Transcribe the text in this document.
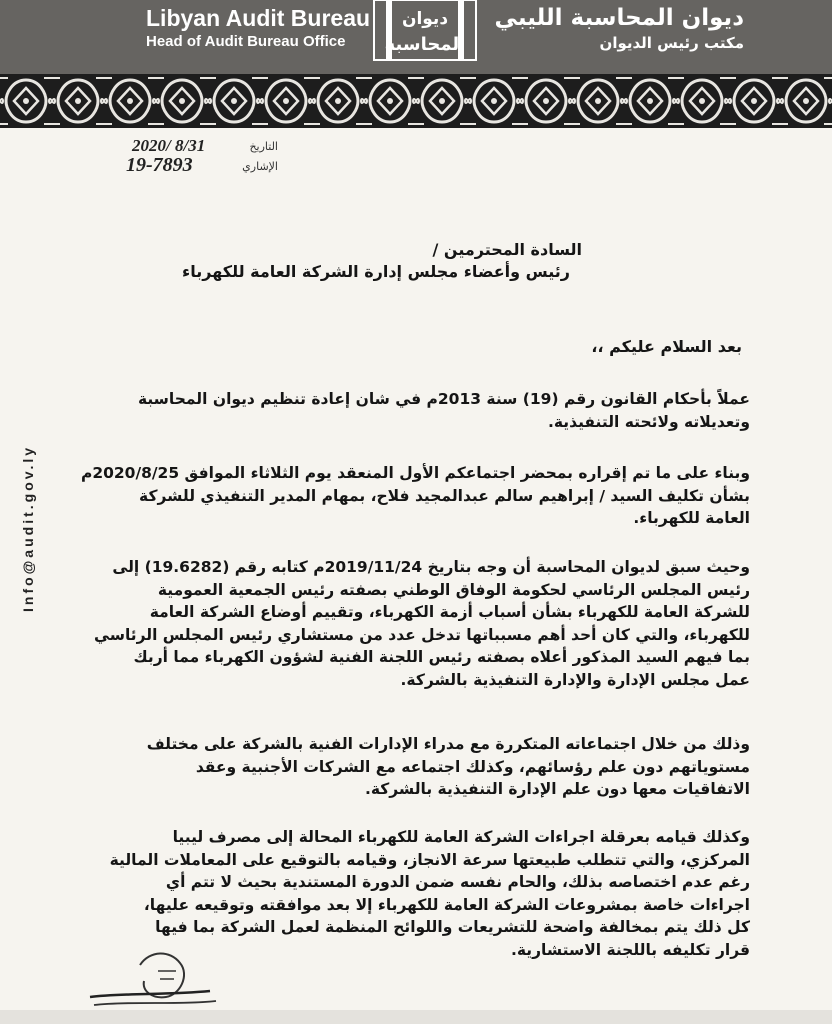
Libyan Audit Bureau
Head of Audit Bureau Office
ديوان
المحاسبة
ديوان المحاسبة الليبي
مكتب رئيس الديوان
Info@audit.gov.ly
التاريخ
2020/ 8/31
الإشاري
19-7893
السادة المحترمين /
رئيس وأعضاء مجلس إدارة الشركة العامة للكهرباء
بعد السلام عليكم ،،
عملاً بأحكام القانون رقم (19) سنة 2013م في شان إعادة تنظيم ديوان المحاسبة
وتعديلاته ولائحته التنفيذية.
وبناء على ما تم إقراره بمحضر اجتماعكم الأول المنعقد يوم الثلاثاء الموافق 2020/8/25م
بشأن تكليف السيد / إبراهيم سالم عبدالمجيد فلاح، بمهام المدير التنفيذي للشركة
العامة للكهرباء.
وحيث سبق لديوان المحاسبة أن وجه بتاريخ 2019/11/24م كتابه رقم (19.6282) إلى
رئيس المجلس الرئاسي لحكومة الوفاق الوطني بصفته رئيس الجمعية العمومية
للشركة العامة للكهرباء بشأن أسباب أزمة الكهرباء، وتقييم أوضاع الشركة العامة
للكهرباء، والتي كان أحد أهم مسبباتها تدخل عدد من مستشاري رئيس المجلس الرئاسي
بما فيهم السيد المذكور أعلاه بصفته رئيس اللجنة الفنية لشؤون الكهرباء مما أربك
عمل مجلس الإدارة والإدارة التنفيذية بالشركة.
وذلك من خلال اجتماعاته المتكررة مع مدراء الإدارات الفنية بالشركة على مختلف
مستوياتهم دون علم رؤسائهم، وكذلك اجتماعه مع الشركات الأجنبية وعقد
الاتفاقيات معها دون علم الإدارة التنفيذية بالشركة.
وكذلك قيامه بعرقلة اجراءات الشركة العامة للكهرباء المحالة إلى مصرف ليبيا
المركزي، والتي تتطلب طبيعتها سرعة الانجاز، وقيامه بالتوقيع على المعاملات المالية
رغم عدم اختصاصه بذلك، والحام نفسه ضمن الدورة المستندية بحيث لا تتم أي
اجراءات خاصة بمشروعات الشركة العامة للكهرباء إلا بعد موافقته وتوقيعه عليها،
كل ذلك يتم بمخالفة واضحة للتشريعات واللوائح المنظمة لعمل الشركة بما فيها
قرار تكليفه باللجنة الاستشارية.
